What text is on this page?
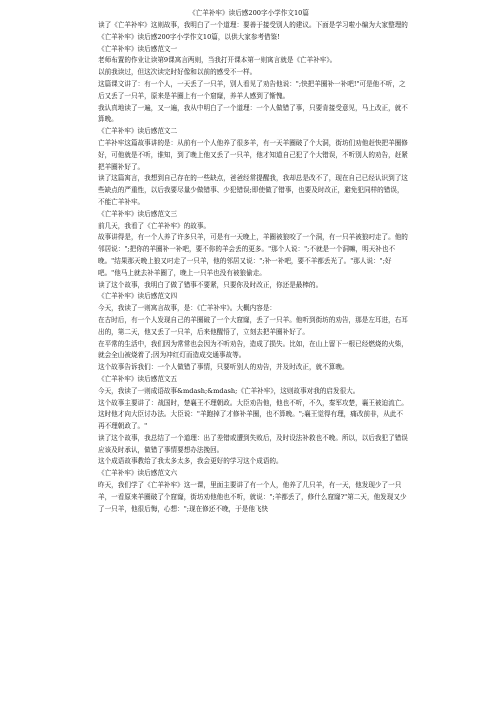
《亡羊补牢》读后感200字小学作文10篇

读了《亡羊补牢》这则故事，我明白了一个道理：要善于接受别人的建议。下面是学习啦小编为大家整理的《亡羊补牢》读后感200字小学作文10篇，以供大家参考借鉴!

《亡羊补牢》读后感范文一

老师布置的作业让读第9课寓言两则，当我打开课本第一则寓言就是《亡羊补牢》。

以前我读过，但这次读完时好像和以前的感受不一样。

这篇课文讲了：有一个人，一天丢了一只羊，别人看见了劝告他说：";快把羊圈补一补吧!"可是他不听，之后又丢了一只羊，原来是羊圈上有一个窟窿，养羊人感到了惭愧。

我认真地读了一遍，又一遍，我从中明白了一个道理：一个人做错了事，只要肯接受意见，马上改正，就不算晚。

《亡羊补牢》读后感范文二

亡羊补牢这篇故事讲的是：从前有一个人他养了很多羊，有一天羊圈破了个大洞，街坊们劝他赶快把羊圈修好，可他就是不听，谁知，到了晚上他又丢了一只羊，他才知道自己犯了个大错误，不听别人的劝告，赶紧把羊圈补好了。

读了这篇寓言，我想到自己存在的一些缺点，爸爸经常提醒我，我却总是改不了，现在自己已经认识到了这些缺点的严重性，以后我要尽量少做错事、少犯错误;即使做了错事，也要及时改正，避免犯同样的错误，不能亡羊补牢。

《亡羊补牢》读后感范文三

前几天，我看了《亡羊补牢》的故事。

故事讲得是，有一个人养了许多只羊，可是有一天晚上，羊圈被狼咬了一个洞，有一只羊被狼叼走了。他的邻居说：";把你的羊圈补一补吧，要不你的羊会丢的更多。"那个人说：";不就是一个洞嘛，明天补也不晚。"结果那天晚上狼又叼走了一只羊，他的邻居又说：";补一补吧，要不羊都丢光了。"那人说：";好吧。"他马上就去补羊圈了，晚上一只羊也没有被狼偷走。

读了这个故事，我明白了做了错事不要紧，只要你及时改正，你还是最棒的。

《亡羊补牢》读后感范文四

今天，我读了一则寓言故事，是：《亡羊补牢》。大概内容是：

在古时后，有一个人发现自己的羊圈破了一个大窟窿，丢了一只羊。他听到街坊的劝告，那是左耳进，右耳出的，第二天，他又丢了一只羊，后来他醒悟了，立刻去把羊圈补好了。

在平常的生活中，我们因为常常也会因为不听劝告，造成了损失。比如，在山上留下一根已经燃烧的火柴，就会全山被烧着了;因为冲红灯而造成交通事故等。

这个故事告诉我们：一个人做错了事情，只要听别人的劝告，并及时改正，就不算晚。

《亡羊补牢》读后感范文五

今天，我读了一则成语故事&mdash;&mdash;《亡羊补牢》，这则故事对我的启发很大。

这个故事主要讲了：战国时，楚襄王不理朝政。大臣劝告他，他也不听，不久，秦军攻楚，襄王被迫流亡。这时他才向大臣讨办法。大臣说："羊跑掉了才修补羊圈，也不算晚。";襄王觉得有理，痛改前非，从此不再不理朝政了。"

读了这个故事，我总结了一个道理：出了差错或遭到失败后，及时设法补救也不晚。所以，以后我犯了错误应该及时承认，做错了事情要想办法挽回。

这个成语故事教给了我太多太多，我会更好的学习这个成语的。

《亡羊补牢》读后感范文六

昨天，我们学了《亡羊补牢》这一课，里面主要讲了有一个人，他养了几只羊，有一天，他发现少了一只羊，一看原来羊圈破了个窟窿，街坊劝他他也不听，就说：";羊都丢了，修什么窟窿?"第二天，他发现又少了一只羊，他很后悔，心想：";现在修还不晚，于是他飞快
